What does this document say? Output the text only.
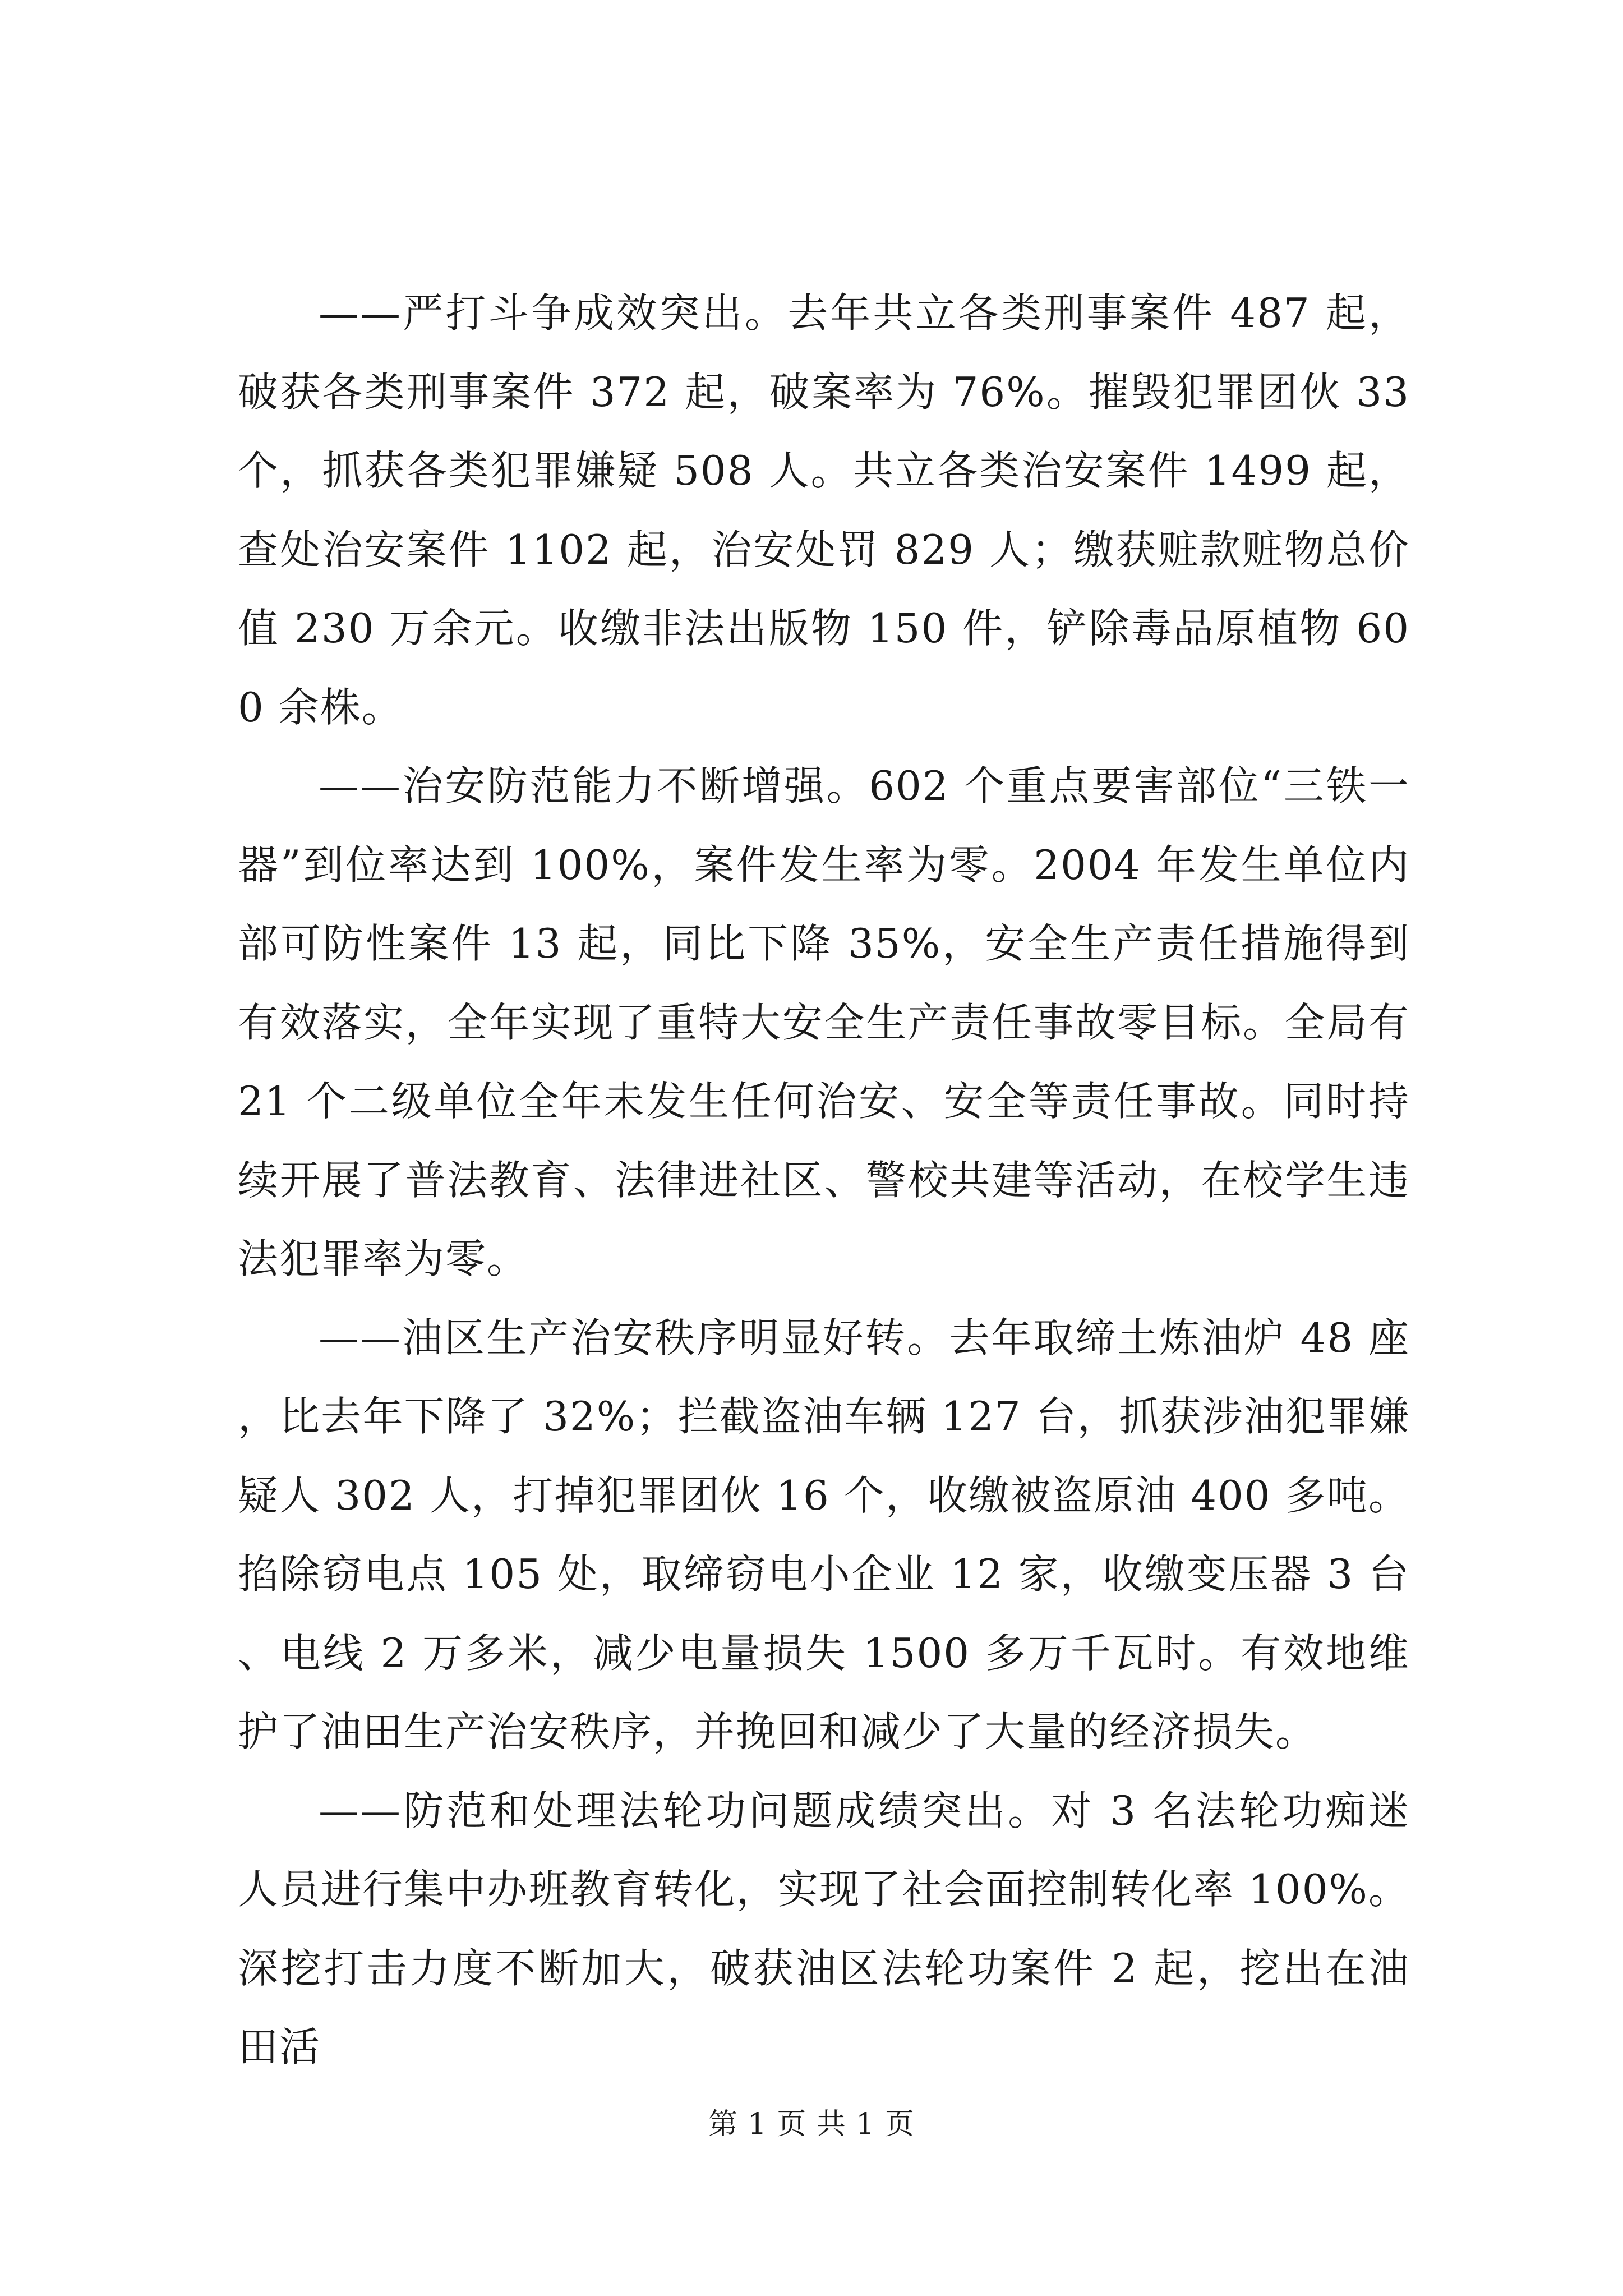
——严打斗争成效突出。去年共立各类刑事案件 487 起，破获各类刑事案件 372 起，破案率为 76%。摧毁犯罪团伙 33 个，抓获各类犯罪嫌疑 508 人。共立各类治安案件 1499 起，查处治安案件 1102 起，治安处罚 829 人；缴获赃款赃物总价值 230 万余元。收缴非法出版物 150 件，铲除毒品原植物 600 余株。

——治安防范能力不断增强。602 个重点要害部位“三铁一器”到位率达到 100%，案件发生率为零。2004 年发生单位内部可防性案件 13 起，同比下降 35%，安全生产责任措施得到有效落实，全年实现了重特大安全生产责任事故零目标。全局有 21 个二级单位全年未发生任何治安、安全等责任事故。同时持续开展了普法教育、法律进社区、警校共建等活动，在校学生违法犯罪率为零。

——油区生产治安秩序明显好转。去年取缔土炼油炉 48 座，比去年下降了 32%；拦截盗油车辆 127 台，抓获涉油犯罪嫌疑人 302 人，打掉犯罪团伙 16 个，收缴被盗原油 400 多吨。掐除窃电点 105 处，取缔窃电小企业 12 家，收缴变压器 3 台、电线 2 万多米，减少电量损失 1500 多万千瓦时。有效地维护了油田生产治安秩序，并挽回和减少了大量的经济损失。

——防范和处理法轮功问题成绩突出。对 3 名法轮功痴迷人员进行集中办班教育转化，实现了社会面控制转化率 100%。深挖打击力度不断加大，破获油区法轮功案件 2 起，挖出在油田活

第 1 页 共 1 页
